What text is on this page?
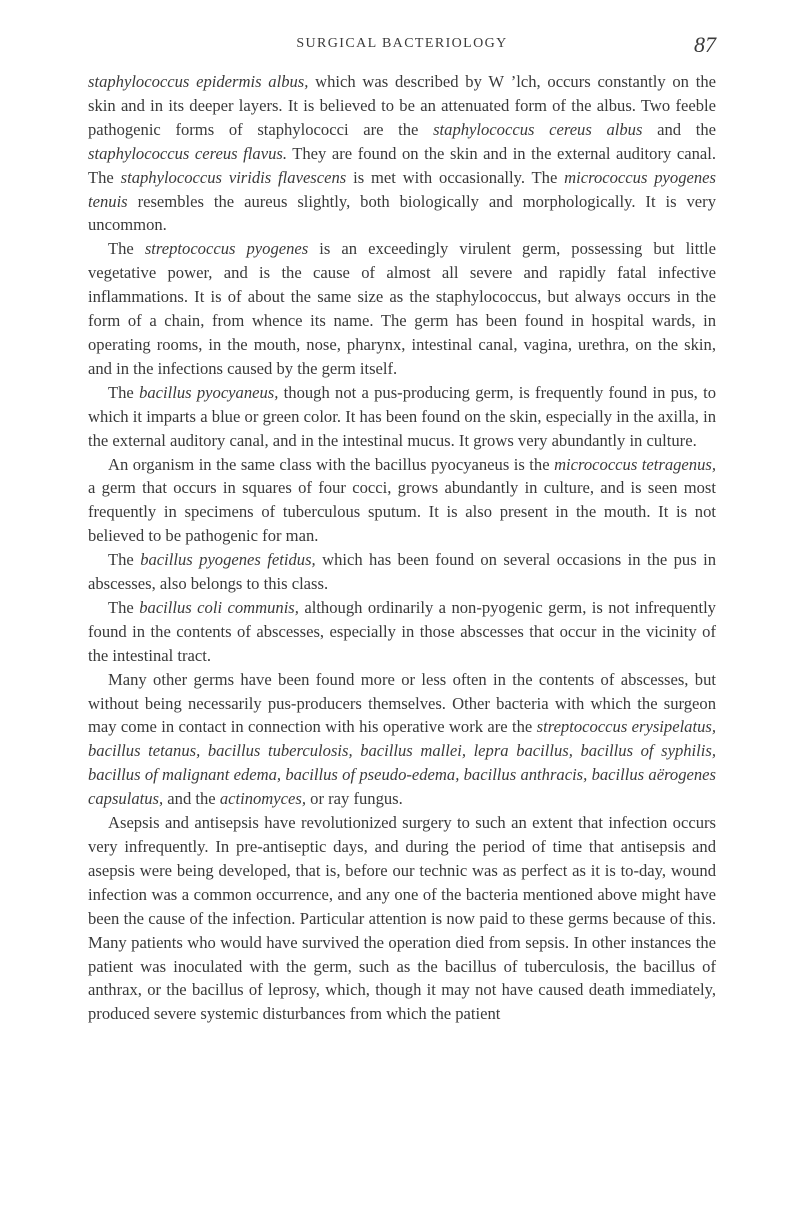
SURGICAL BACTERIOLOGY	87

staphylococcus epidermis albus, which was described by W ’lch, occurs constantly on the skin and in its deeper layers. It is believed to be an attenuated form of the albus. Two feeble pathogenic forms of staphylococci are the staphylococcus cereus albus and the staphylococcus cereus flavus. They are found on the skin and in the external auditory canal. The staphylococcus viridis flavescens is met with occasionally. The micrococcus pyogenes tenuis resembles the aureus slightly, both biologically and morphologically. It is very uncommon.

The streptococcus pyogenes is an exceedingly virulent germ, possessing but little vegetative power, and is the cause of almost all severe and rapidly fatal infective inflammations. It is of about the same size as the staphylococcus, but always occurs in the form of a chain, from whence its name. The germ has been found in hospital wards, in operating rooms, in the mouth, nose, pharynx, intestinal canal, vagina, urethra, on the skin, and in the infections caused by the germ itself.

The bacillus pyocyaneus, though not a pus-producing germ, is frequently found in pus, to which it imparts a blue or green color. It has been found on the skin, especially in the axilla, in the external auditory canal, and in the intestinal mucus. It grows very abundantly in culture.

An organism in the same class with the bacillus pyocyaneus is the micrococcus tetragenus, a germ that occurs in squares of four cocci, grows abundantly in culture, and is seen most frequently in specimens of tuberculous sputum. It is also present in the mouth. It is not believed to be pathogenic for man.

The bacillus pyogenes fetidus, which has been found on several occasions in the pus in abscesses, also belongs to this class.

The bacillus coli communis, although ordinarily a non-pyogenic germ, is not infrequently found in the contents of abscesses, especially in those abscesses that occur in the vicinity of the intestinal tract.

Many other germs have been found more or less often in the contents of abscesses, but without being necessarily pus-producers themselves. Other bacteria with which the surgeon may come in contact in connection with his operative work are the streptococcus erysipelatus, bacillus tetanus, bacillus tuberculosis, bacillus mallei, lepra bacillus, bacillus of syphilis, bacillus of malignant edema, bacillus of pseudo-edema, bacillus anthracis, bacillus aërogenes capsulatus, and the actinomyces, or ray fungus.

Asepsis and antisepsis have revolutionized surgery to such an extent that infection occurs very infrequently. In pre-antiseptic days, and during the period of time that antisepsis and asepsis were being developed, that is, before our technic was as perfect as it is to-day, wound infection was a common occurrence, and any one of the bacteria mentioned above might have been the cause of the infection. Particular attention is now paid to these germs because of this. Many patients who would have survived the operation died from sepsis. In other instances the patient was inoculated with the germ, such as the bacillus of tuberculosis, the bacillus of anthrax, or the bacillus of leprosy, which, though it may not have caused death immediately, produced severe systemic disturbances from which the patient
